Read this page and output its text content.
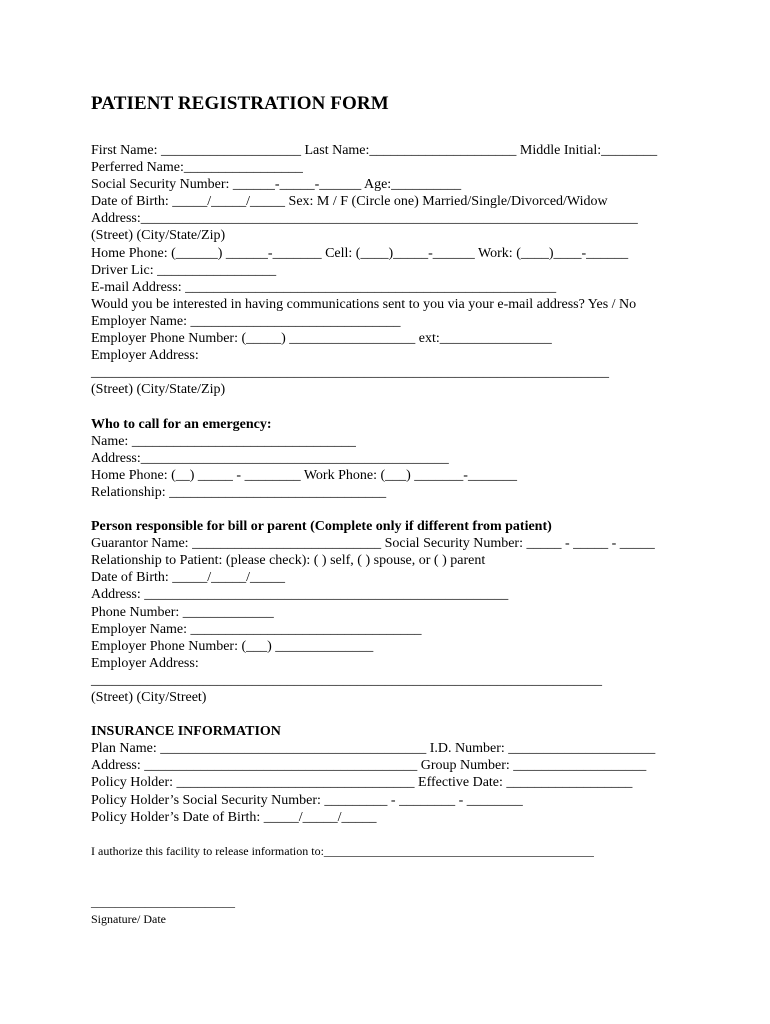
PATIENT REGISTRATION FORM
First Name: ____________________ Last Name:_____________________ Middle Initial:________
Perferred Name:_________________
Social Security Number: ______-_____-______ Age:__________
Date of Birth: _____/_____/_____ Sex: M / F (Circle one) Married/Single/Divorced/Widow
Address:_______________________________________________________________________
(Street) (City/State/Zip)
Home Phone: (______) ______-_______ Cell: (____)_____-______ Work: (____)____-______
Driver Lic: _________________
E-mail Address: _____________________________________________________
Would you be interested in having communications sent to you via your e-mail address? Yes / No
Employer Name: ______________________________
Employer Phone Number: (_____) __________________ ext:________________
Employer Address:
__________________________________________________________________________
(Street) (City/State/Zip)
Who to call for an emergency:
Name: ________________________________
Address:____________________________________________
Home Phone: (__) _____ - ________ Work Phone: (___) _______-_______
Relationship: _______________________________
Person responsible for bill or parent (Complete only if different from patient)
Guarantor Name: ___________________________ Social Security Number: _____ - _____ - _____
Relationship to Patient: (please check): ( ) self, ( ) spouse, or ( ) parent
Date of Birth: _____/_____/_____
Address: ____________________________________________________
Phone Number: _____________
Employer Name: _________________________________
Employer Phone Number: (___) ______________
Employer Address:
_________________________________________________________________________
(Street) (City/Street)
INSURANCE INFORMATION
Plan Name: ______________________________________ I.D. Number: _____________________
Address: _______________________________________ Group Number: ___________________
Policy Holder: __________________________________ Effective Date: __________________
Policy Holder’s Social Security Number: _________ - ________ - ________
Policy Holder’s Date of Birth: _____/_____/_____
I authorize this facility to release information to:_____________________________________________
________________________
Signature/ Date
